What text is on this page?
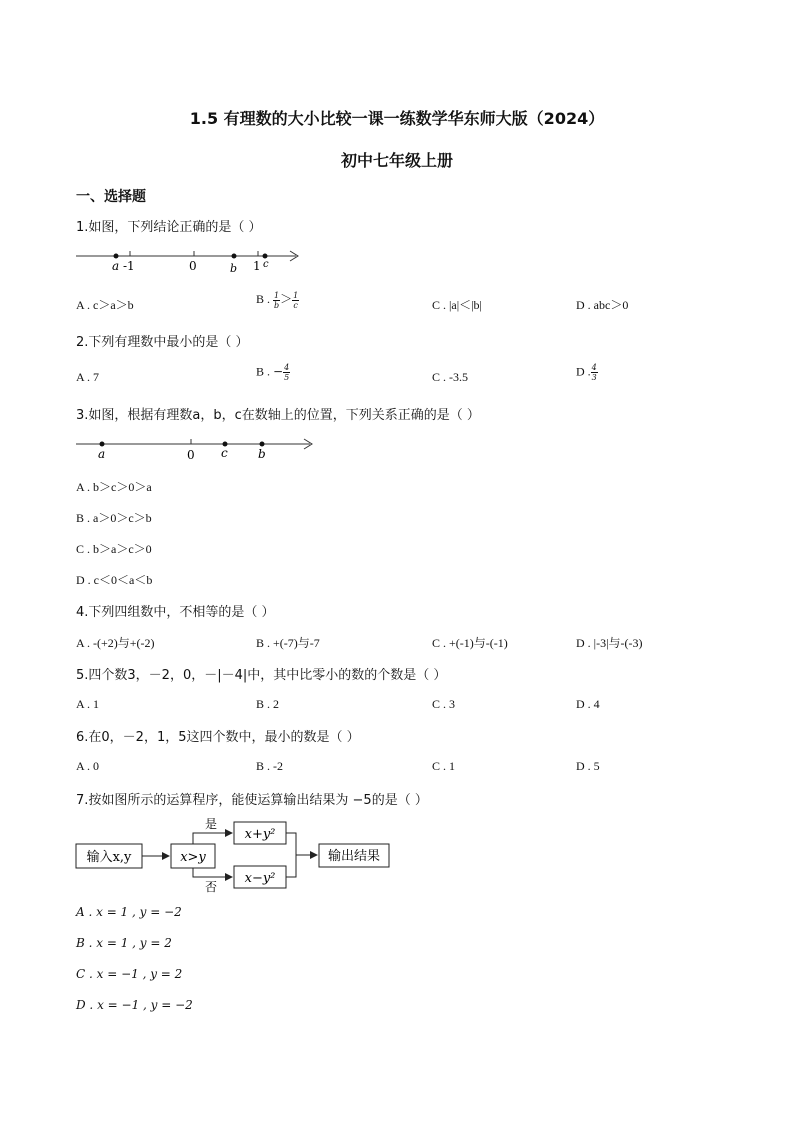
1.5 有理数的大小比较一课一练数学华东师大版（2024）
初中七年级上册
一、选择题
1.如图，下列结论正确的是（ ）
a -1	0	b 1 c
A . c＞a＞b	B . $\frac{1}{b} > \frac{1}{c}$	C . |a|＜|b|	D . abc＞0
2.下列有理数中最小的是（ ）
A . 7	B . − $\frac{4}{5}$	C . -3.5	D . $\frac{4}{3}$
3.如图，根据有理数a，b，c在数轴上的位置，下列关系正确的是（ ）
a	0 c	b
A . b＞c＞0＞a
B . a＞0＞c＞b
C . b＞a＞c＞0
D . c＜0＜a＜b
4.下列四组数中，不相等的是（ ）
A . -(+2)与+(-2)	B . +(-7)与-7	C . +(-1)与-(-1)	D . |-3|与-(-3)
5.四个数3，－2，0，－|－4|中，其中比零小的数的个数是（ ）
A . 1	B . 2	C . 3	D . 4
6.在0，－2，1，5这四个数中，最小的数是（ ）
A . 0	B . -2	C . 1	D . 5
7.按如图所示的运算程序，能使运算输出结果为 −5的是（ ）
输入x,y	x>y
是
否
x+y²
x−y²
输出结果
A . x = 1 , y = −2
B . x = 1 , y = 2
C . x = −1 , y = 2
D . x = −1 , y = −2
